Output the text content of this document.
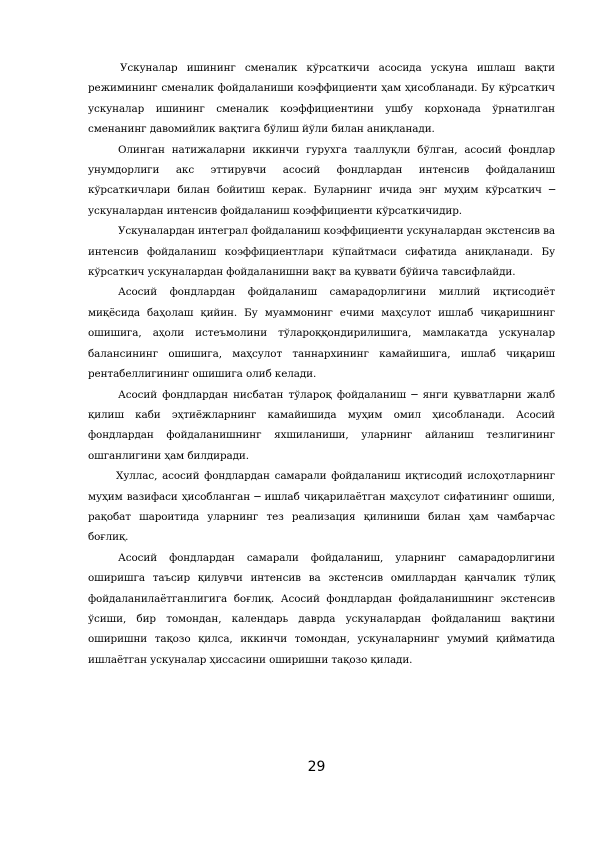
Ускуналар ишининг сменалик кўрсаткичи асосида ускуна ишлаш вақти режимининг сменалик фойдаланиши коэффициенти ҳам ҳисобланади. Бу кўрсаткич ускуналар ишининг сменалик коэффициентини ушбу корхонада ўрнатилган сменанинг давомийлик вақтига бўлиш йўли билан аниқланади.

Олинган натижаларни иккинчи гурухга тааллуқли бўлган, асосий фондлар унумдорлиги акс эттирувчи асосий фондлардан интенсив фойдаланиш кўрсаткичлари билан бойитиш керак. Буларнинг ичида энг муҳим кўрсаткич ─ ускуналардан интенсив фойдаланиш коэффициенти кўрсаткичидир.

Ускуналардан интеграл фойдаланиш коэффициенти ускуналардан экстенсив ва интенсив фойдаланиш коэффициентлари кўпайтмаси сифатида аниқланади. Бу кўрсаткич ускуналардан фойдаланишни вақт ва қуввати бўйича тавсифлайди.

Асосий фондлардан фойдаланиш самарадорлигини миллий иқтисодиёт миқёсида баҳолаш қийин. Бу муаммонинг ечими маҳсулот ишлаб чиқаришнинг ошишига, аҳоли истеъмолини тўлароққондирилишига, мамлакатда ускуналар балансининг ошишига, маҳсулот таннархининг камайишига, ишлаб чиқариш рентабеллигининг ошишига олиб келади.

Асосий фондлардан нисбатан тўлароқ фойдаланиш ─ янги қувватларни жалб қилиш каби эҳтиёжларнинг камайишида муҳим омил ҳисобланади. Асосий фондлардан фойдаланишнинг яхшиланиши, уларнинг айланиш тезлигининг ошганлигини ҳам билдиради.

Хуллас, асосий фондлардан самарали фойдаланиш иқтисодий ислоҳотларнинг муҳим вазифаси ҳисобланган ─ ишлаб чиқарилаётган маҳсулот сифатининг ошиши, рақобат шароитида уларнинг тез реализация қилиниши билан ҳам чамбарчас боғлиқ.

Асосий фондлардан самарали фойдаланиш, уларнинг самарадорлигини оширишга таъсир қилувчи интенсив ва экстенсив омиллардан қанчалик тўлиқ фойдаланилаётганлигига боғлиқ. Асосий фондлардан фойдаланишнинг экстенсив ўсиши, бир томондан, календарь даврда ускуналардан фойдаланиш вақтини оширишни тақозо қилса, иккинчи томондан, ускуналарнинг умумий қийматида ишлаётган ускуналар ҳиссасини оширишни тақозо қилади.

29
